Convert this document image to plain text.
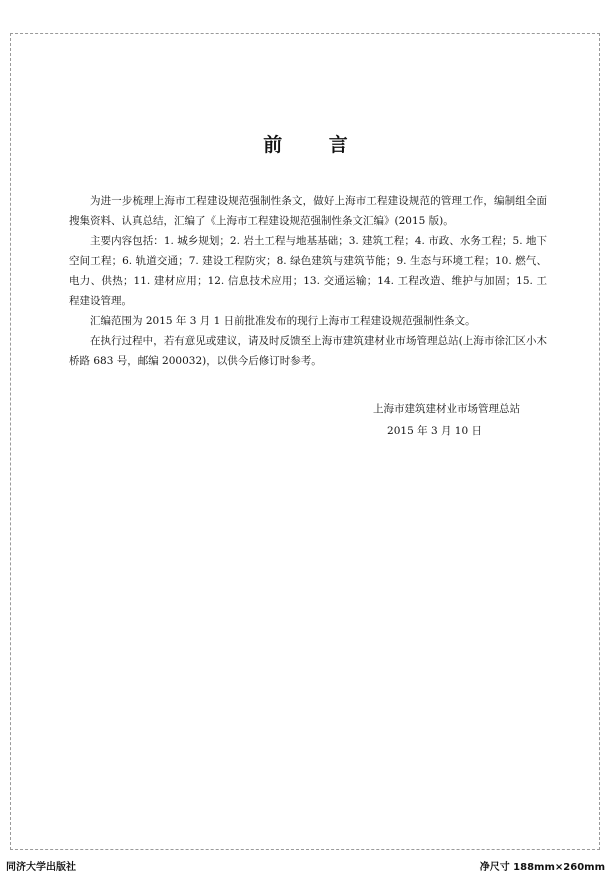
前 言

为进一步梳理上海市工程建设规范强制性条文，做好上海市工程建设规范的管理工作，编制组全面搜集资料、认真总结，汇编了《上海市工程建设规范强制性条文汇编》(2015 版)。

主要内容包括：1. 城乡规划；2. 岩土工程与地基基础；3. 建筑工程；4. 市政、水务工程；5. 地下空间工程；6. 轨道交通；7. 建设工程防灾；8. 绿色建筑与建筑节能；9. 生态与环境工程；10. 燃气、电力、供热；11. 建材应用；12. 信息技术应用；13. 交通运输；14. 工程改造、维护与加固；15. 工程建设管理。

汇编范围为 2015 年 3 月 1 日前批准发布的现行上海市工程建设规范强制性条文。

在执行过程中，若有意见或建议，请及时反馈至上海市建筑建材业市场管理总站(上海市徐汇区小木桥路 683 号，邮编 200032)，以供今后修订时参考。

上海市建筑建材业市场管理总站
2015 年 3 月 10 日
同济大学出版社	净尺寸 188mm×260mm
